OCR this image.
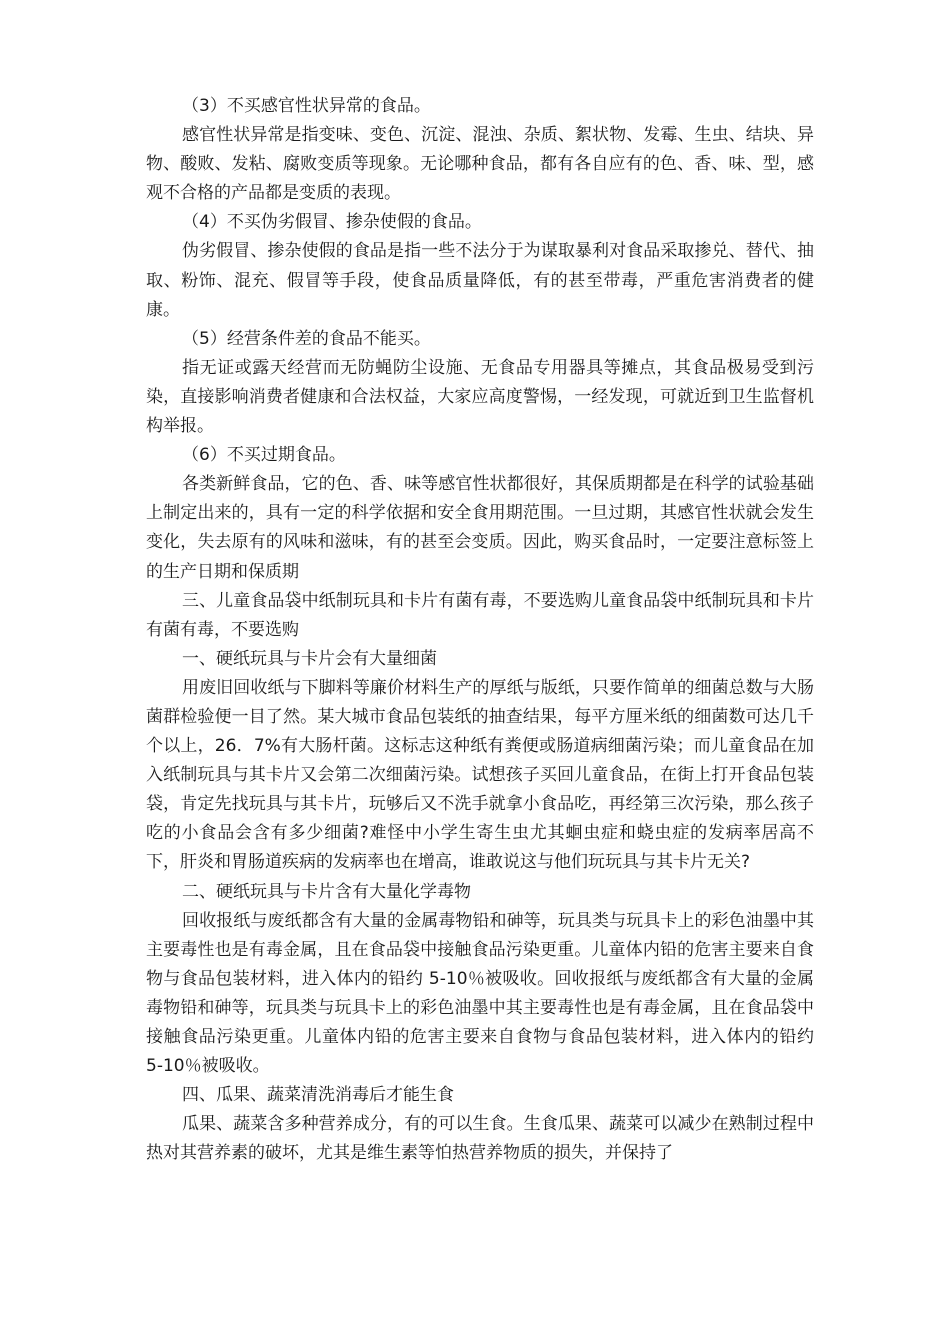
（3）不买感官性状异常的食品。

感官性状异常是指变味、变色、沉淀、混浊、杂质、絮状物、发霉、生虫、结块、异物、酸败、发粘、腐败变质等现象。无论哪种食品，都有各自应有的色、香、味、型，感观不合格的产品都是变质的表现。

（4）不买伪劣假冒、掺杂使假的食品。

伪劣假冒、掺杂使假的食品是指一些不法分于为谋取暴利对食品采取掺兑、替代、抽取、粉饰、混充、假冒等手段，使食品质量降低，有的甚至带毒，严重危害消费者的健康。

（5）经营条件差的食品不能买。

指无证或露天经营而无防蝇防尘设施、无食品专用器具等摊点，其食品极易受到污染，直接影响消费者健康和合法权益，大家应高度警惕，一经发现，可就近到卫生监督机构举报。

（6）不买过期食品。

各类新鲜食品，它的色、香、味等感官性状都很好，其保质期都是在科学的试验基础上制定出来的，具有一定的科学依据和安全食用期范围。一旦过期，其感官性状就会发生变化，失去原有的风味和滋味，有的甚至会变质。因此，购买食品时，一定要注意标签上的生产日期和保质期

三、儿童食品袋中纸制玩具和卡片有菌有毒，不要选购儿童食品袋中纸制玩具和卡片有菌有毒，不要选购

一、硬纸玩具与卡片会有大量细菌

用废旧回收纸与下脚料等廉价材料生产的厚纸与版纸，只要作简单的细菌总数与大肠菌群检验便一目了然。某大城市食品包装纸的抽查结果，每平方厘米纸的细菌数可达几千个以上，26．7%有大肠杆菌。这标志这种纸有粪便或肠道病细菌污染；而儿童食品在加入纸制玩具与其卡片又会第二次细菌污染。试想孩子买回儿童食品，在街上打开食品包装袋，肯定先找玩具与其卡片，玩够后又不洗手就拿小食品吃，再经第三次污染，那么孩子吃的小食品会含有多少细菌?难怪中小学生寄生虫尤其蛔虫症和蛲虫症的发病率居高不下，肝炎和胃肠道疾病的发病率也在增高，谁敢说这与他们玩玩具与其卡片无关?

二、硬纸玩具与卡片含有大量化学毒物

回收报纸与废纸都含有大量的金属毒物铅和砷等，玩具类与玩具卡上的彩色油墨中其主要毒性也是有毒金属，且在食品袋中接触食品污染更重。儿童体内铅的危害主要来自食物与食品包装材料，进入体内的铅约 5-10％被吸收。回收报纸与废纸都含有大量的金属毒物铅和砷等，玩具类与玩具卡上的彩色油墨中其主要毒性也是有毒金属，且在食品袋中接触食品污染更重。儿童体内铅的危害主要来自食物与食品包装材料，进入体内的铅约 5-10％被吸收。

四、瓜果、蔬菜清洗消毒后才能生食

瓜果、蔬菜含多种营养成分，有的可以生食。生食瓜果、蔬菜可以减少在熟制过程中热对其营养素的破坏，尤其是维生素等怕热营养物质的损失，并保持了
